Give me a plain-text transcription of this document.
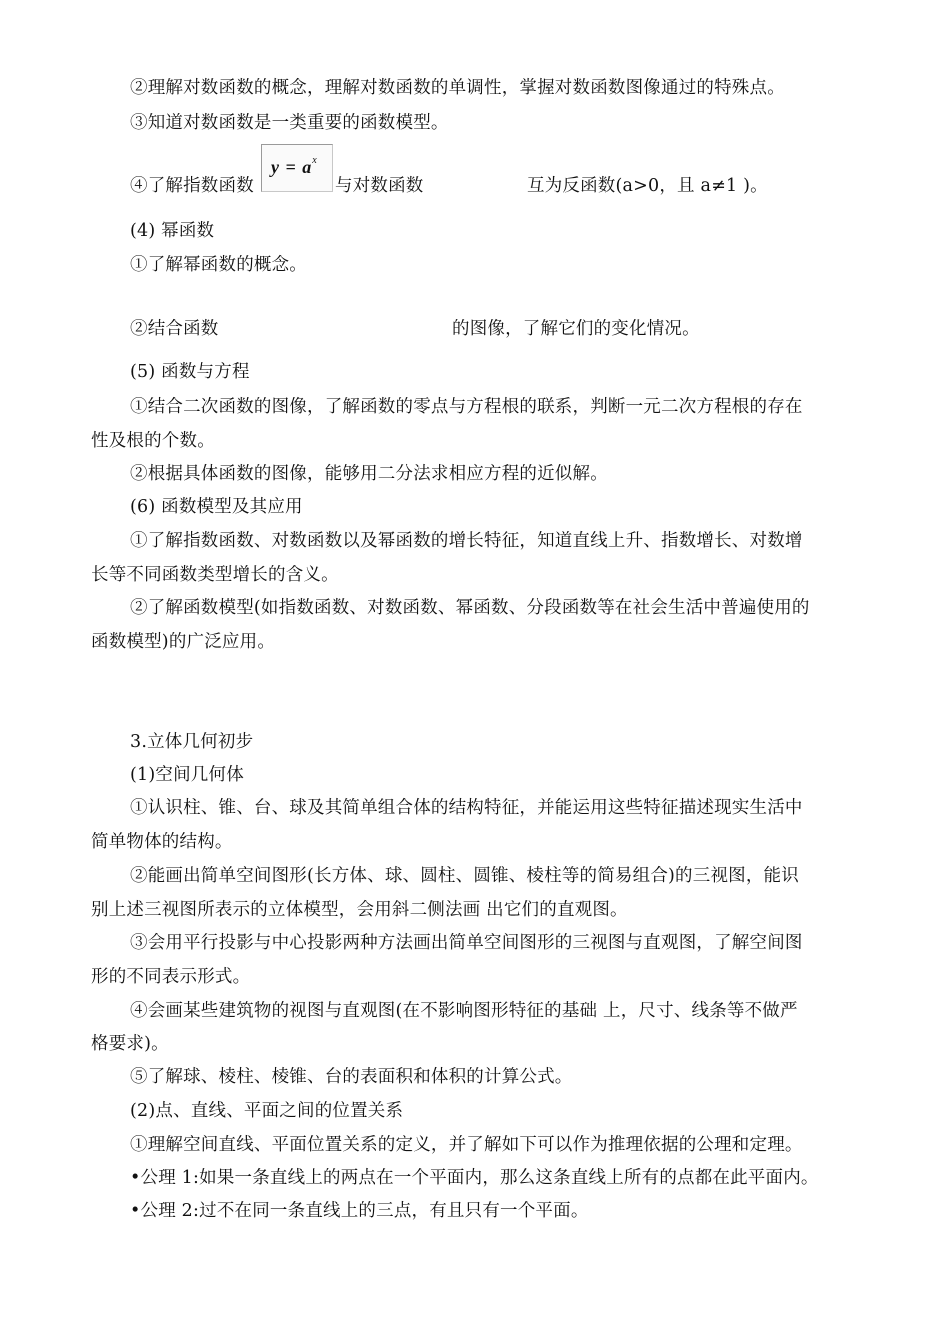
②理解对数函数的概念，理解对数函数的单调性，掌握对数函数图像通过的特殊点。
③知道对数函数是一类重要的函数模型。
④了解指数函数
$y = a^x$
与对数函数	互为反函数(a>0，且 a≠1 )。
(4) 幂函数
①了解幂函数的概念。
②结合函数	的图像，了解它们的变化情况。
(5) 函数与方程
①结合二次函数的图像，了解函数的零点与方程根的联系，判断一元二次方程根的存在
性及根的个数。
②根据具体函数的图像，能够用二分法求相应方程的近似解。
(6) 函数模型及其应用
①了解指数函数、对数函数以及幂函数的增长特征，知道直线上升、指数增长、对数增
长等不同函数类型增长的含义。
②了解函数模型(如指数函数、对数函数、幂函数、分段函数等在社会生活中普遍使用的
函数模型)的广泛应用。
3.立体几何初步
(1)空间几何体
①认识柱、锥、台、球及其简单组合体的结构特征，并能运用这些特征描述现实生活中
简单物体的结构。
②能画出简单空间图形(长方体、球、圆柱、圆锥、棱柱等的简易组合)的三视图，能识
别上述三视图所表示的立体模型，会用斜二侧法画 出它们的直观图。
③会用平行投影与中心投影两种方法画出简单空间图形的三视图与直观图，了解空间图
形的不同表示形式。
④会画某些建筑物的视图与直观图(在不影响图形特征的基础 上，尺寸、线条等不做严
格要求)。
⑤了解球、棱柱、棱锥、台的表面积和体积的计算公式。
(2)点、直线、平面之间的位置关系
①理解空间直线、平面位置关系的定义，并了解如下可以作为推理依据的公理和定理。
•公理 1:如果一条直线上的两点在一个平面内，那么这条直线上所有的点都在此平面内。
•公理 2:过不在同一条直线上的三点，有且只有一个平面。
